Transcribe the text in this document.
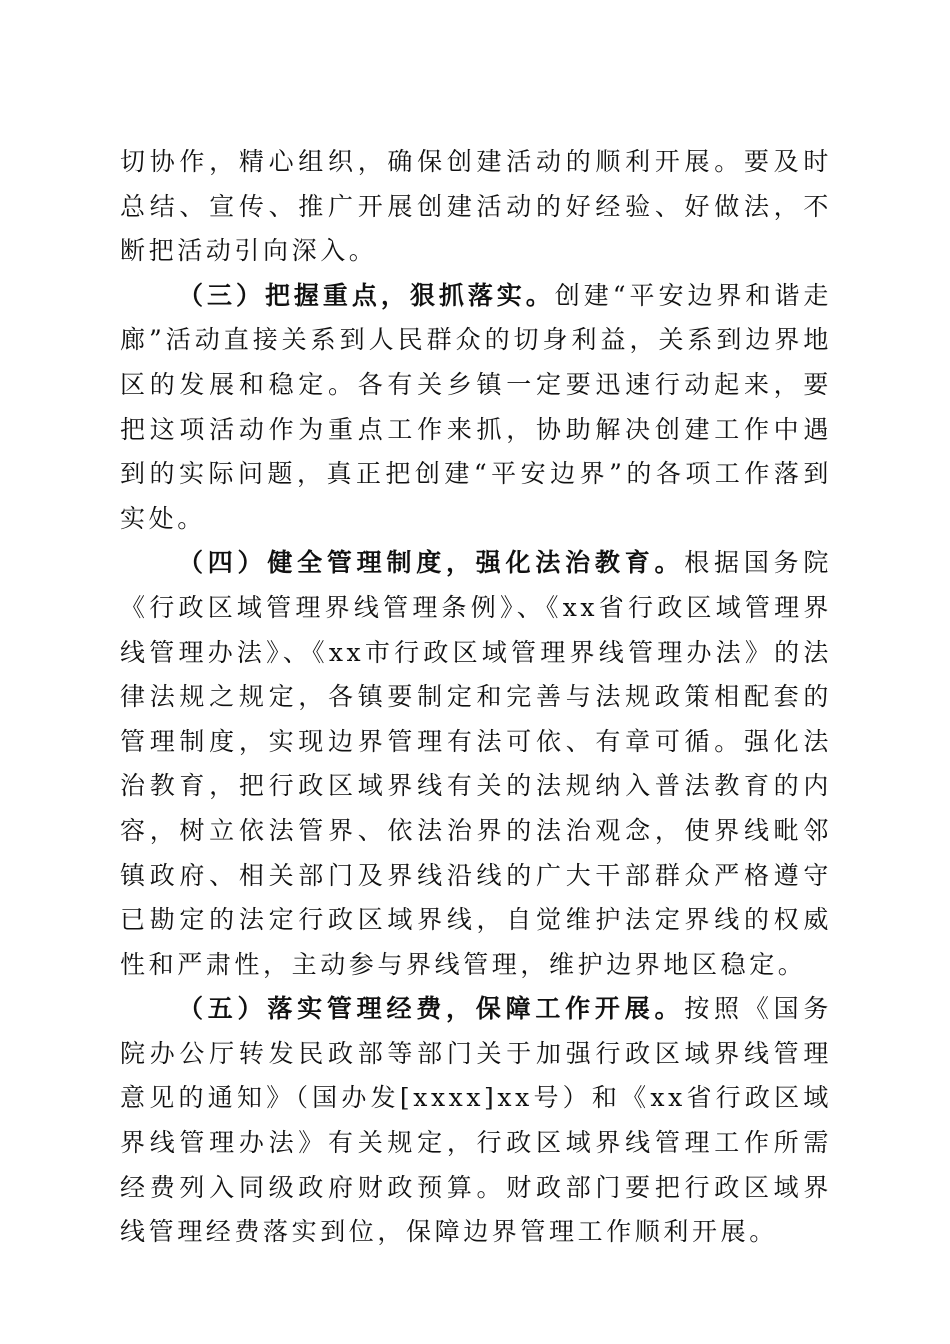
切协作，精心组织，确保创建活动的顺利开展。要及时总结、宣传、推广开展创建活动的好经验、好做法，不断把活动引向深入。

（三）把握重点，狠抓落实。创建“平安边界和谐走廊”活动直接关系到人民群众的切身利益，关系到边界地区的发展和稳定。各有关乡镇一定要迅速行动起来，要把这项活动作为重点工作来抓，协助解决创建工作中遇到的实际问题，真正把创建“平安边界”的各项工作落到实处。

（四）健全管理制度，强化法治教育。根据国务院《行政区域管理界线管理条例》、《xx省行政区域管理界线管理办法》、《xx市行政区域管理界线管理办法》的法律法规之规定，各镇要制定和完善与法规政策相配套的管理制度，实现边界管理有法可依、有章可循。强化法治教育，把行政区域界线有关的法规纳入普法教育的内容，树立依法管界、依法治界的法治观念，使界线毗邻镇政府、相关部门及界线沿线的广大干部群众严格遵守已勘定的法定行政区域界线，自觉维护法定界线的权威性和严肃性，主动参与界线管理，维护边界地区稳定。

（五）落实管理经费，保障工作开展。按照《国务院办公厅转发民政部等部门关于加强行政区域界线管理意见的通知》（国办发[xxxx]xx号）和《xx省行政区域界线管理办法》有关规定，行政区域界线管理工作所需经费列入同级政府财政预算。财政部门要把行政区域界线管理经费落实到位，保障边界管理工作顺利开展。
